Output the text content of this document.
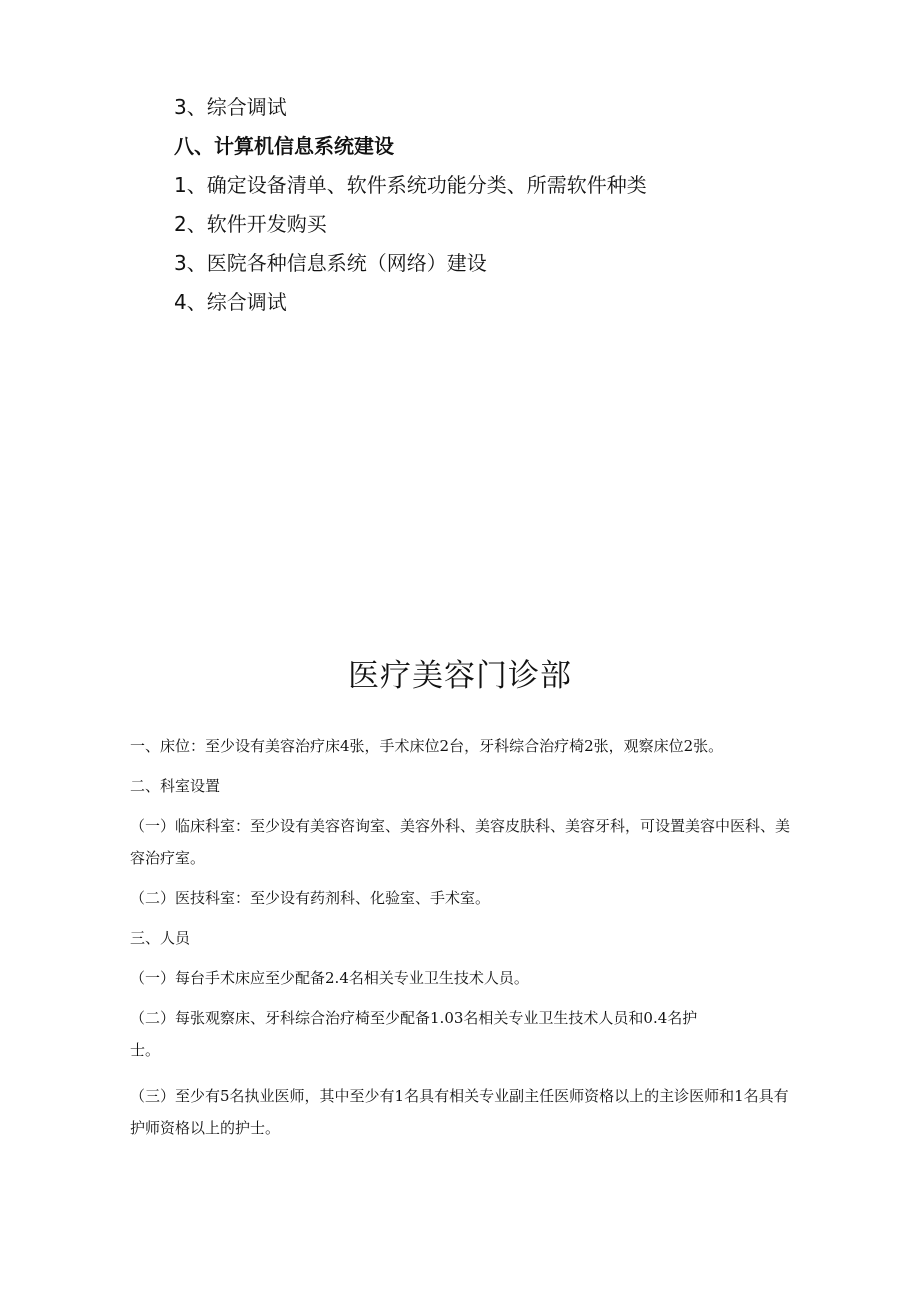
3、综合调试
八、计算机信息系统建设
1、确定设备清单、软件系统功能分类、所需软件种类
2、软件开发购买
3、医院各种信息系统（网络）建设
4、综合调试
医疗美容门诊部

一、床位：至少设有美容治疗床4张，手术床位2台，牙科综合治疗椅2张，观察床位2张。

二、科室设置

（一）临床科室：至少设有美容咨询室、美容外科、美容皮肤科、美容牙科，可设置美容中医科、美容治疗室。

（二）医技科室：至少设有药剂科、化验室、手术室。

三、人员

（一）每台手术床应至少配备2.4名相关专业卫生技术人员。

（二）每张观察床、牙科综合治疗椅至少配备1.03名相关专业卫生技术人员和0.4名护士。

（三）至少有5名执业医师，其中至少有1名具有相关专业副主任医师资格以上的主诊医师和1名具有护师资格以上的护士。
